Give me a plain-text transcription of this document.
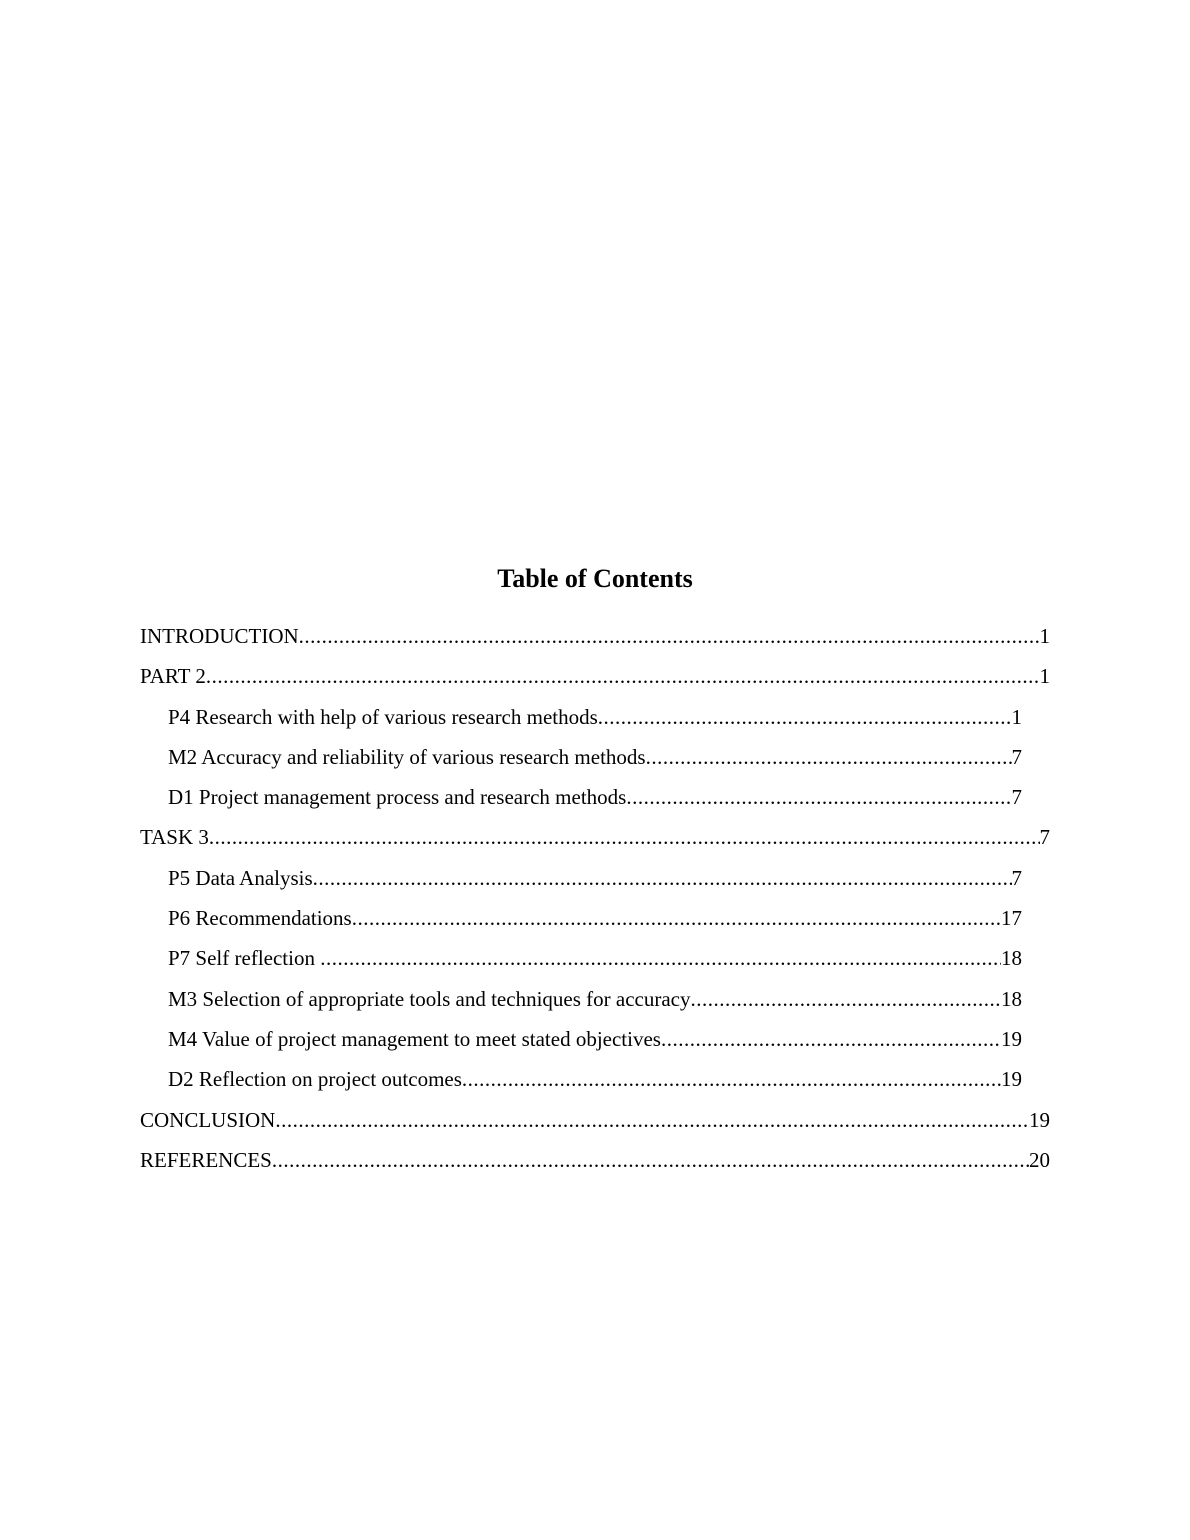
Table of Contents
INTRODUCTION .....	1
PART 2 .....	1
P4 Research with help of various research methods .....	1
M2 Accuracy and reliability of various research methods .....	7
D1 Project management process and research methods .....	7
TASK 3 .....	7
P5 Data Analysis .....	7
P6 Recommendations .....	17
P7 Self reflection .....	18
M3 Selection of appropriate tools and techniques for accuracy .....	18
M4 Value of project management to meet stated objectives .....	19
D2 Reflection on project outcomes .....	19
CONCLUSION .....	19
REFERENCES .....	20
